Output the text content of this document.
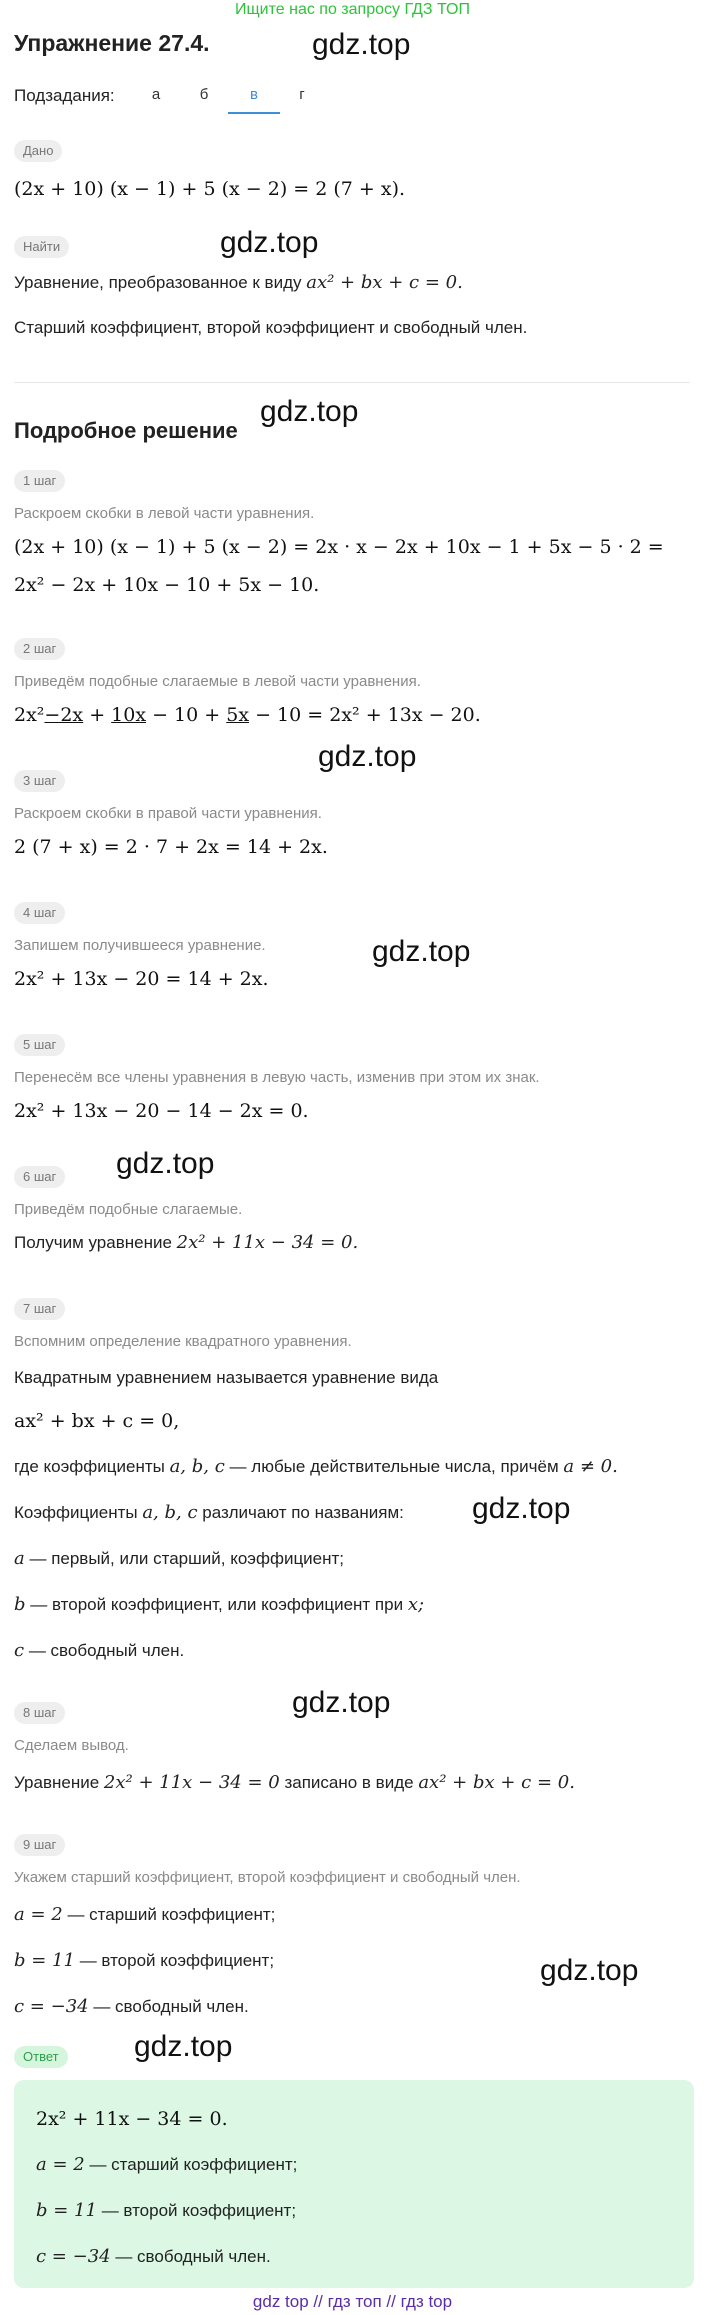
Ищите нас по запросу ГДЗ ТОП
Упражнение 27.4.	gdz.top
gdz.top
gdz.top
gdz.top
gdz.top
gdz.top
gdz.top
gdz.top
gdz.top
gdz.top
Подзадания:	а	б	в	г
Дано
(2x + 10) (x − 1) + 5 (x − 2) = 2 (7 + x).
Найти
Уравнение, преобразованное к виду ax² + bx + c = 0.
Старший коэффициент, второй коэффициент и свободный член.
Подробное решение
1 шаг
Раскроем скобки в левой части уравнения.
(2x + 10) (x − 1) + 5 (x − 2) = 2x · x − 2x + 10x − 1 + 5x − 5 · 2 =
2x² − 2x + 10x − 10 + 5x − 10.
2 шаг
Приведём подобные слагаемые в левой части уравнения.
2x²−2x + 10x − 10 + 5x − 10 = 2x² + 13x − 20.
3 шаг
Раскроем скобки в правой части уравнения.
2 (7 + x) = 2 · 7 + 2x = 14 + 2x.
4 шаг
Запишем получившееся уравнение.
2x² + 13x − 20 = 14 + 2x.
5 шаг
Перенесём все члены уравнения в левую часть, изменив при этом их знак.
2x² + 13x − 20 − 14 − 2x = 0.
6 шаг
Приведём подобные слагаемые.
Получим уравнение 2x² + 11x − 34 = 0.
7 шаг
Вспомним определение квадратного уравнения.
Квадратным уравнением называется уравнение вида
ax² + bx + c = 0,
где коэффициенты a, b, c — любые действительные числа, причём a ≠ 0.
Коэффициенты a, b, c различают по названиям:
a — первый, или старший, коэффициент;
b — второй коэффициент, или коэффициент при x;
c — свободный член.
8 шаг
Сделаем вывод.
Уравнение 2x² + 11x − 34 = 0 записано в виде ax² + bx + c = 0.
9 шаг
Укажем старший коэффициент, второй коэффициент и свободный член.
a = 2 — старший коэффициент;
b = 11 — второй коэффициент;
c = −34 — свободный член.
Ответ
2x² + 11x − 34 = 0.
a = 2 — старший коэффициент;
b = 11 — второй коэффициент;
c = −34 — свободный член.
gdz top // гдз топ // гдз top
